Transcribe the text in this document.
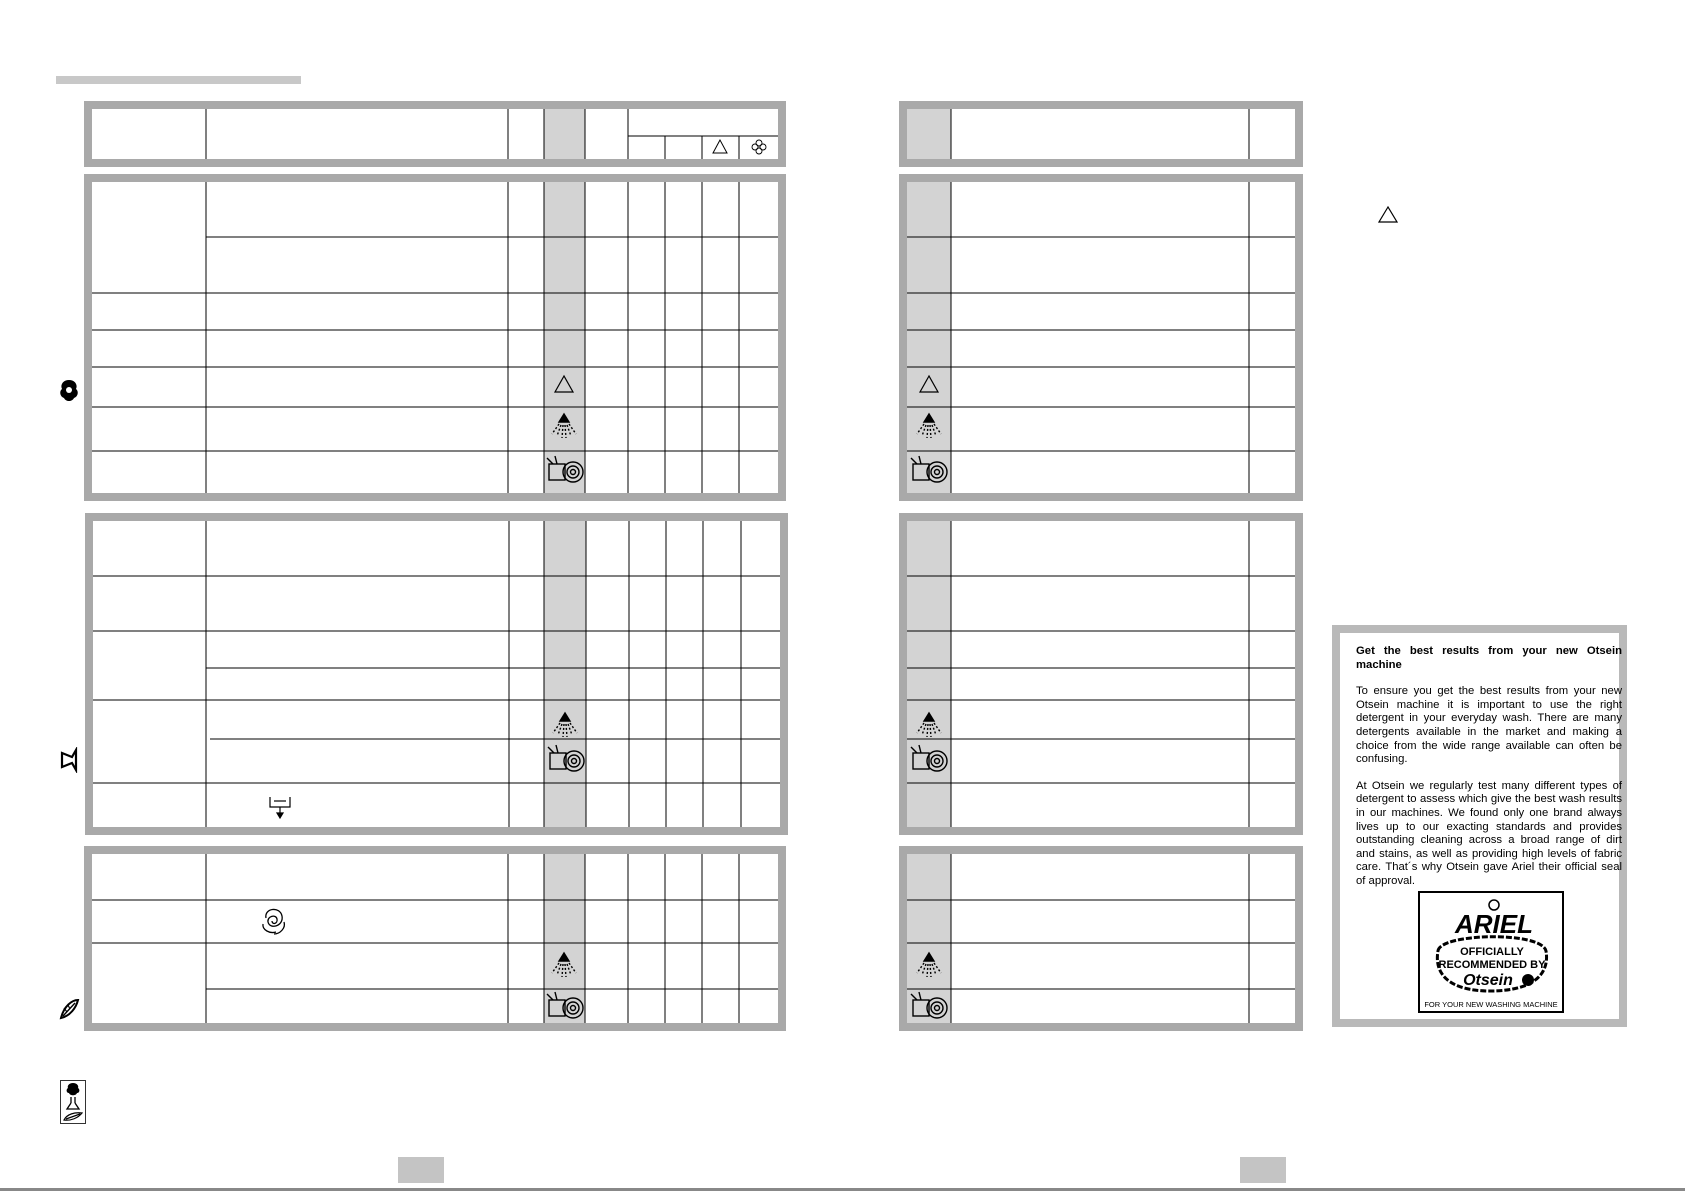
Get the best results from your new Otsein machine

To ensure you get the best results from your new Otsein machine it is important to use the right detergent in your everyday wash. There are many detergents available in the market and making a choice from the wide range available can often be confusing.

At Otsein we regularly test many different types of detergent to assess which give the best wash results in our machines. We found only one brand always lives up to our exacting standards and provides outstanding cleaning across a broad range of dirt and stains, as well as providing high levels of fabric care. That´s why Otsein gave Ariel their official seal of approval.

ARIEL
OFFICIALLY
RECOMMENDED BY
Otsein
FOR YOUR NEW WASHING MACHINE
